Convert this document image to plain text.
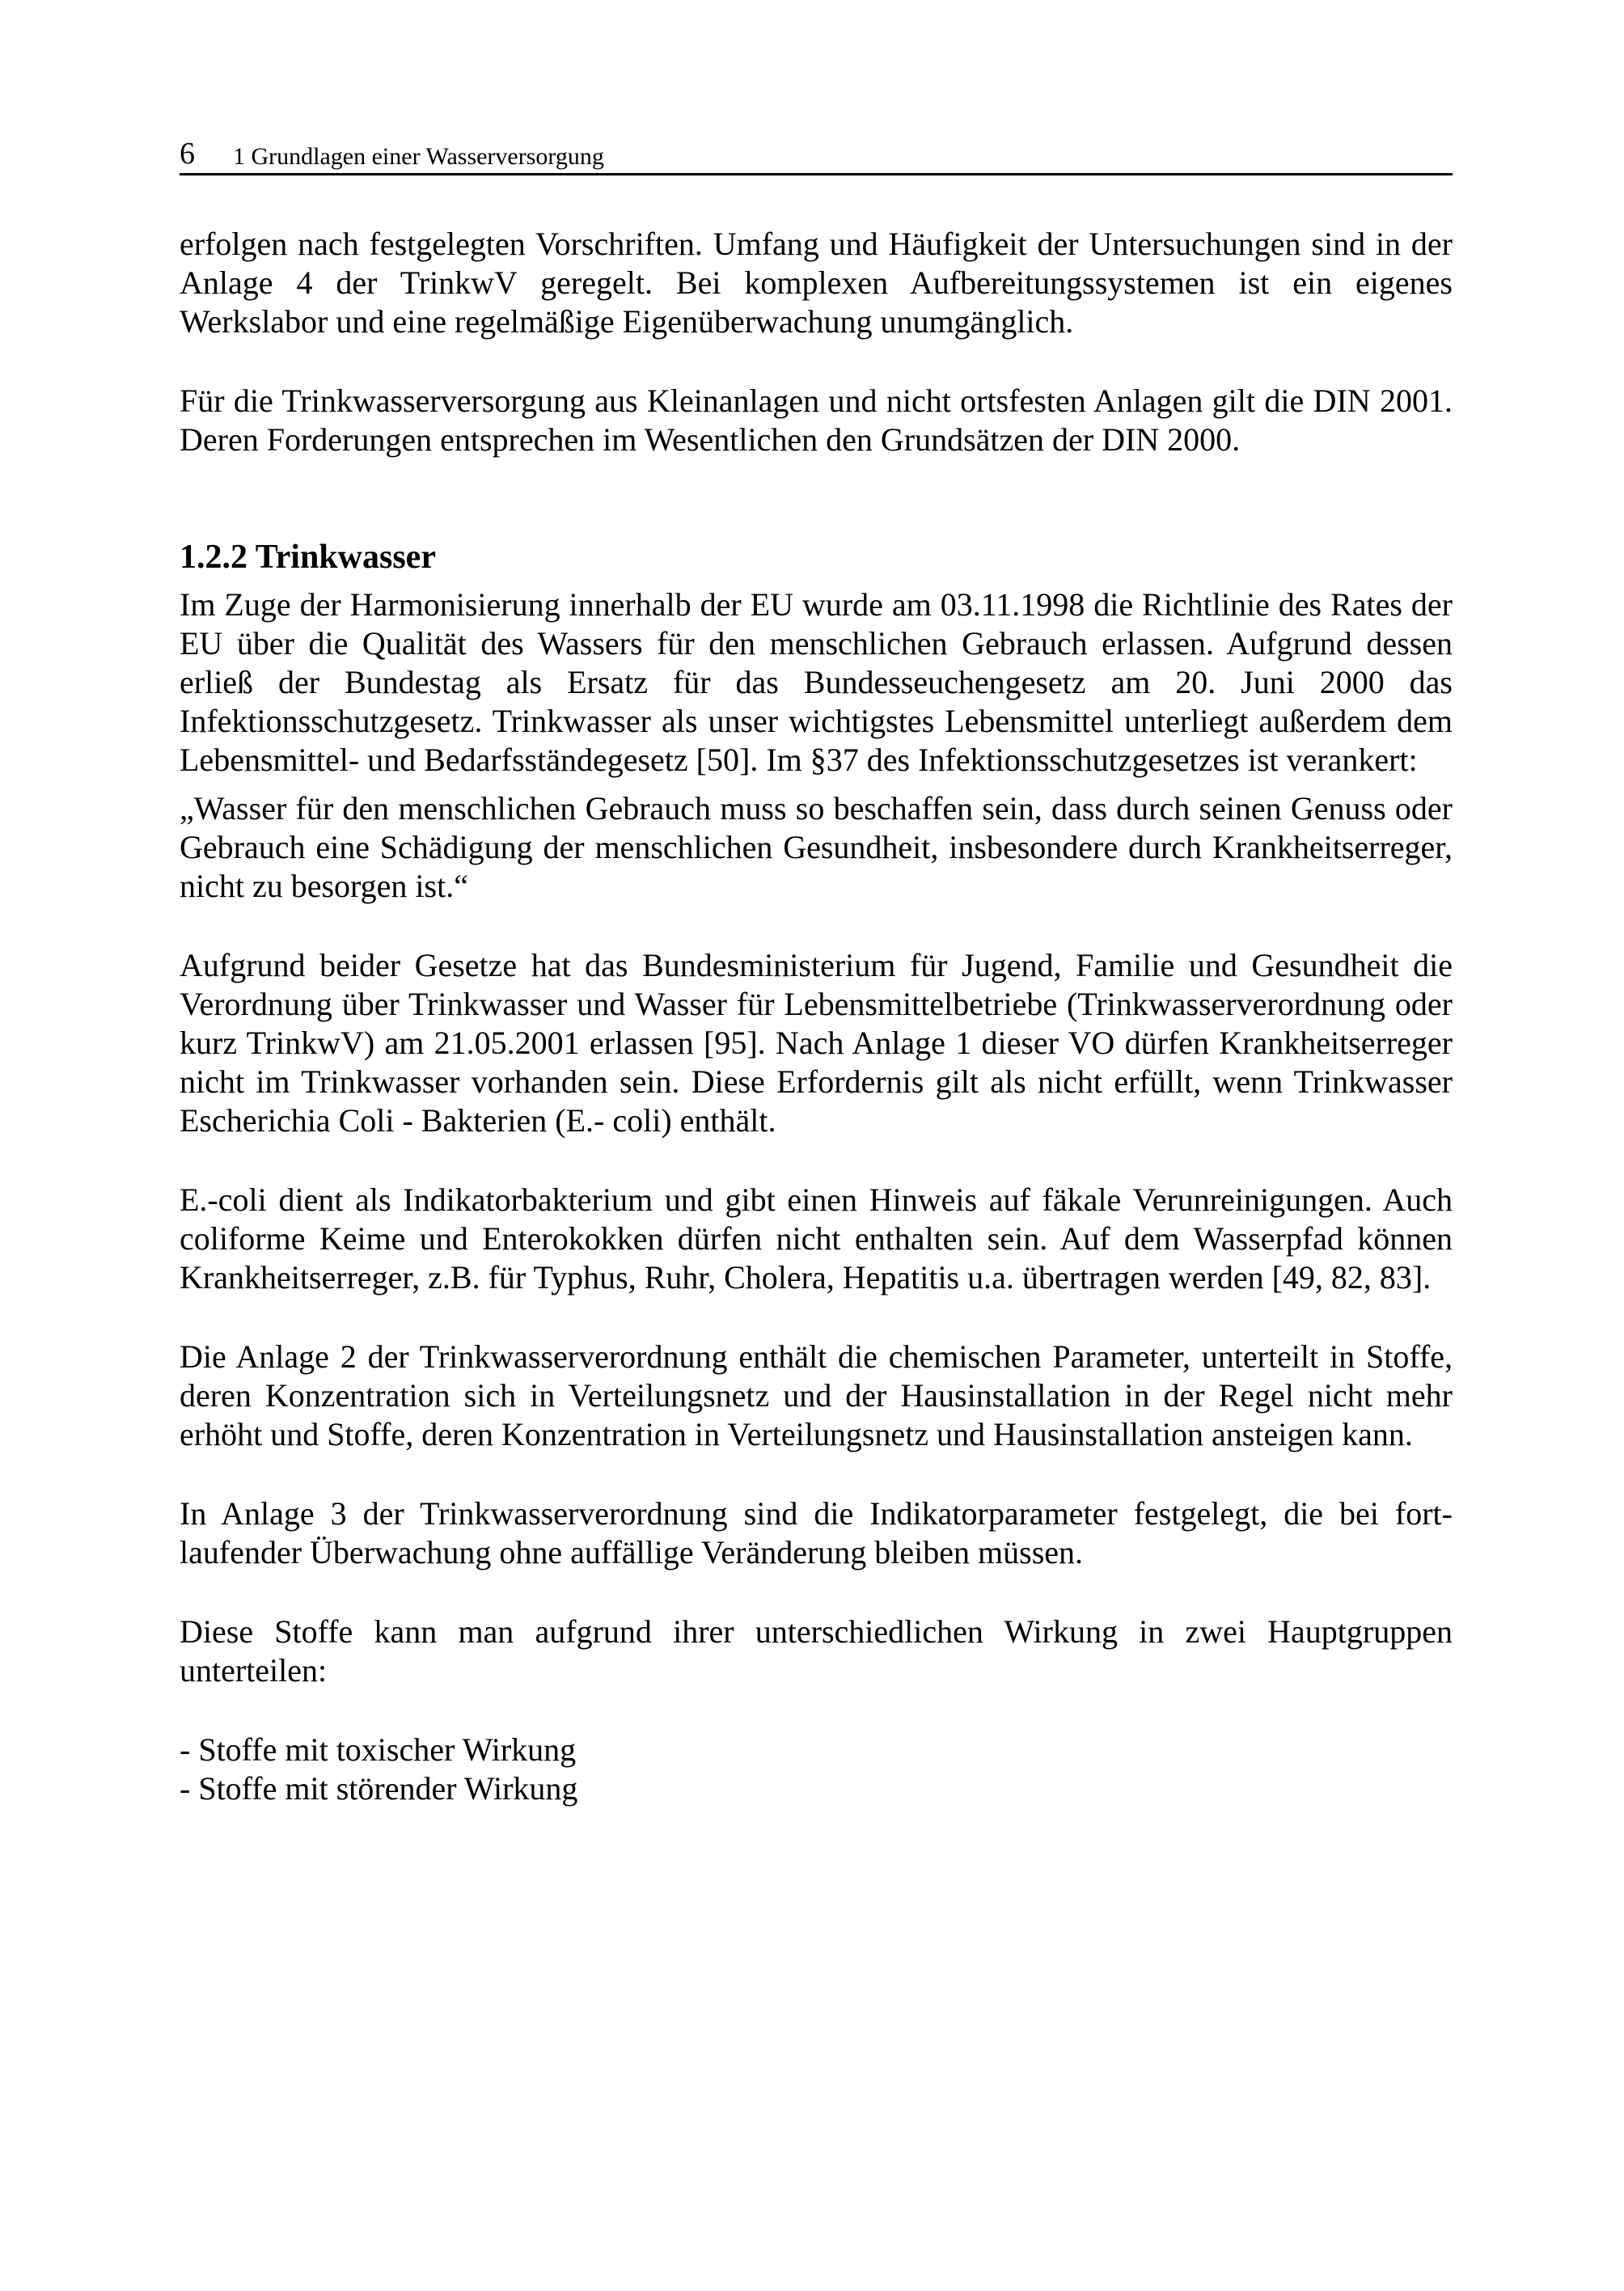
6 1 Grundlagen einer Wasserversorgung

erfolgen nach festgelegten Vorschriften. Umfang und Häufigkeit der Untersuchungen sind in der Anlage 4 der TrinkwV geregelt. Bei komplexen Aufbereitungssystemen ist ein eigenes Werkslabor und eine regelmäßige Eigenüberwachung unumgänglich.

Für die Trinkwasserversorgung aus Kleinanlagen und nicht ortsfesten Anlagen gilt die DIN 2001. Deren Forderungen entsprechen im Wesentlichen den Grundsätzen der DIN 2000.

1.2.2 Trinkwasser

Im Zuge der Harmonisierung innerhalb der EU wurde am 03.11.1998 die Richtlinie des Rates der EU über die Qualität des Wassers für den menschlichen Gebrauch erlassen. Aufgrund dessen erließ der Bundestag als Ersatz für das Bundesseuchengesetz am 20. Juni 2000 das Infektionsschutzgesetz. Trinkwasser als unser wichtigstes Lebensmittel unterliegt außerdem dem Lebensmittel- und Bedarfsständegesetz [50]. Im §37 des Infektionsschutzgesetzes ist verankert:

„Wasser für den menschlichen Gebrauch muss so beschaffen sein, dass durch seinen Genuss oder Gebrauch eine Schädigung der menschlichen Gesundheit, insbesondere durch Krankheitserreger, nicht zu besorgen ist.“

Aufgrund beider Gesetze hat das Bundesministerium für Jugend, Familie und Gesundheit die Verordnung über Trinkwasser und Wasser für Lebensmittelbetriebe (Trinkwasserverordnung oder kurz TrinkwV) am 21.05.2001 erlassen [95]. Nach Anlage 1 dieser VO dürfen Krankheitserreger nicht im Trinkwasser vorhanden sein. Diese Erfordernis gilt als nicht erfüllt, wenn Trinkwasser Escherichia Coli - Bakterien (E.- coli) enthält.

E.-coli dient als Indikatorbakterium und gibt einen Hinweis auf fäkale Verunreinigungen. Auch coliforme Keime und Enterokokken dürfen nicht enthalten sein. Auf dem Wasserpfad können Krankheitserreger, z.B. für Typhus, Ruhr, Cholera, Hepatitis u.a. übertragen werden [49, 82, 83].

Die Anlage 2 der Trinkwasserverordnung enthält die chemischen Parameter, unterteilt in Stoffe, deren Konzentration sich in Verteilungsnetz und der Hausinstallation in der Regel nicht mehr erhöht und Stoffe, deren Konzentration in Verteilungsnetz und Hausinstallation ansteigen kann.

In Anlage 3 der Trinkwasserverordnung sind die Indikatorparameter festgelegt, die bei fortlaufender Überwachung ohne auffällige Veränderung bleiben müssen.

Diese Stoffe kann man aufgrund ihrer unterschiedlichen Wirkung in zwei Hauptgruppen unterteilen:

- Stoffe mit toxischer Wirkung
- Stoffe mit störender Wirkung
